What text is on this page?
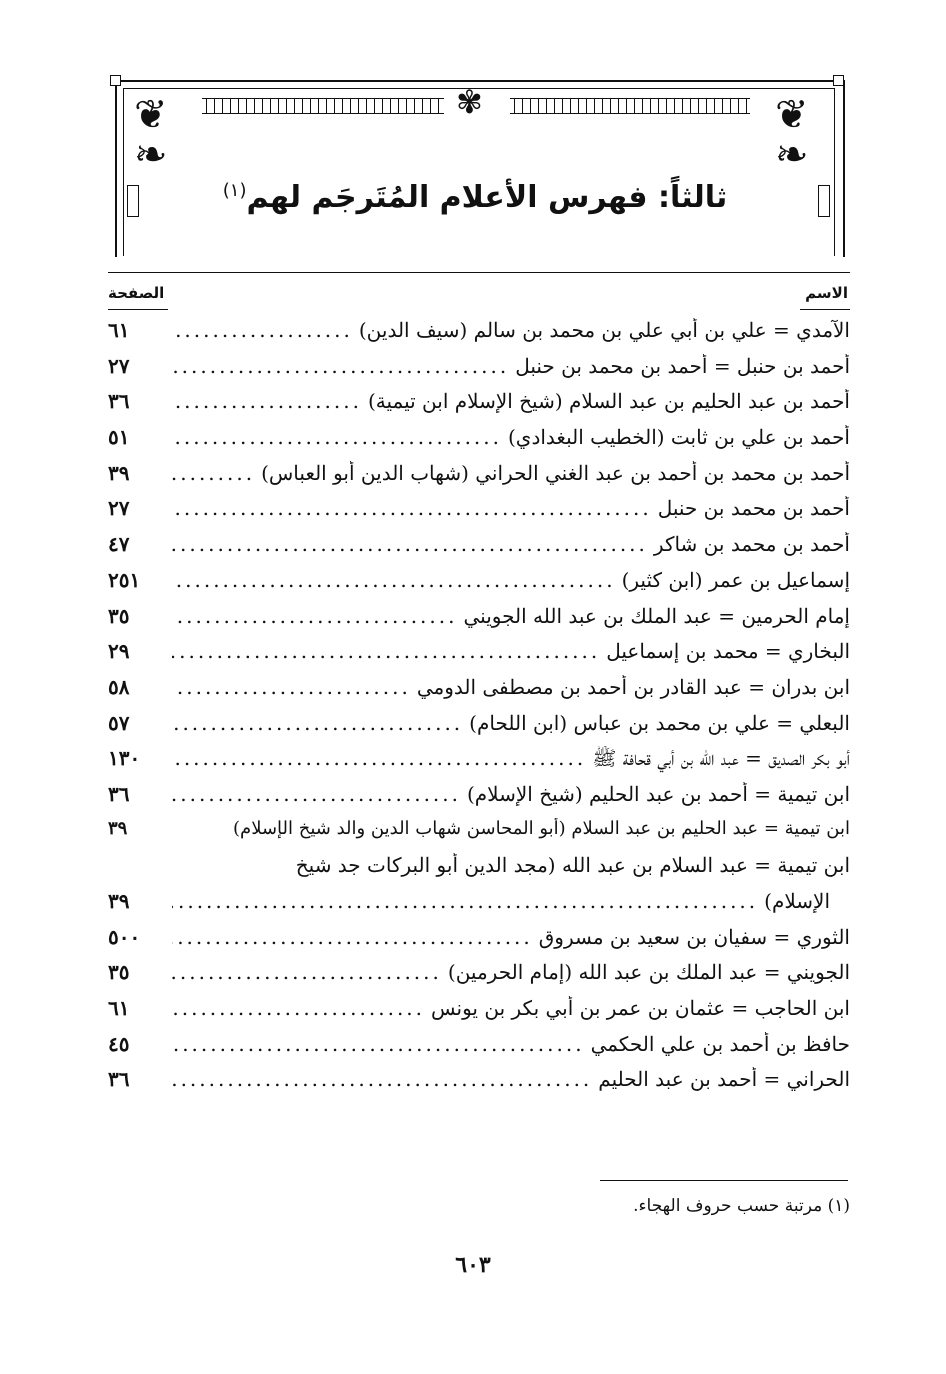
❦
❧
❦
❧
✾
ثالثاً: فهرس الأعلام المُتَرجَم لهم$^{(١)}$
الاسم
الصفحة
الآمدي = علي بن أبي علي بن محمد بن سالم (سيف الدين)
.....
٦١
أحمد بن حنبل = أحمد بن محمد بن حنبل
.....
٢٧
أحمد بن عبد الحليم بن عبد السلام (شيخ الإسلام ابن تيمية)
.....
٣٦
أحمد بن علي بن ثابت (الخطيب البغدادي)
.....
٥١
أحمد بن محمد بن أحمد بن عبد الغني الحراني (شهاب الدين أبو العباس)
.....
٣٩
أحمد بن محمد بن حنبل
.....
٢٧
أحمد بن محمد بن شاكر
.....
٤٧
إسماعيل بن عمر (ابن كثير)
.....
٢٥١
إمام الحرمين = عبد الملك بن عبد الله الجويني
.....
٣٥
البخاري = محمد بن إسماعيل
.....
٢٩
ابن بدران = عبد القادر بن أحمد بن مصطفى الدومي
.....
٥٨
البعلي = علي بن محمد بن عباس (ابن اللحام)
.....
٥٧
أبو بكر الصديق = عبد الله بن أبي قحافة ﷺ
.....
١٣٠
ابن تيمية = أحمد بن عبد الحليم (شيخ الإسلام)
.....
٣٦
ابن تيمية = عبد الحليم بن عبد السلام (أبو المحاسن شهاب الدين والد شيخ الإسلام)
٣٩
ابن تيمية = عبد السلام بن عبد الله (مجد الدين أبو البركات جد شيخ
الإسلام)
.....
٣٩
الثوري = سفيان بن سعيد بن مسروق
.....
٥٠٠
الجويني = عبد الملك بن عبد الله (إمام الحرمين)
.....
٣٥
ابن الحاجب = عثمان بن عمر بن أبي بكر بن يونس
.....
٦١
حافظ بن أحمد بن علي الحكمي
.....
٤٥
الحراني = أحمد بن عبد الحليم
.....
٣٦
(١) مرتبة حسب حروف الهجاء.
٦٠٣
